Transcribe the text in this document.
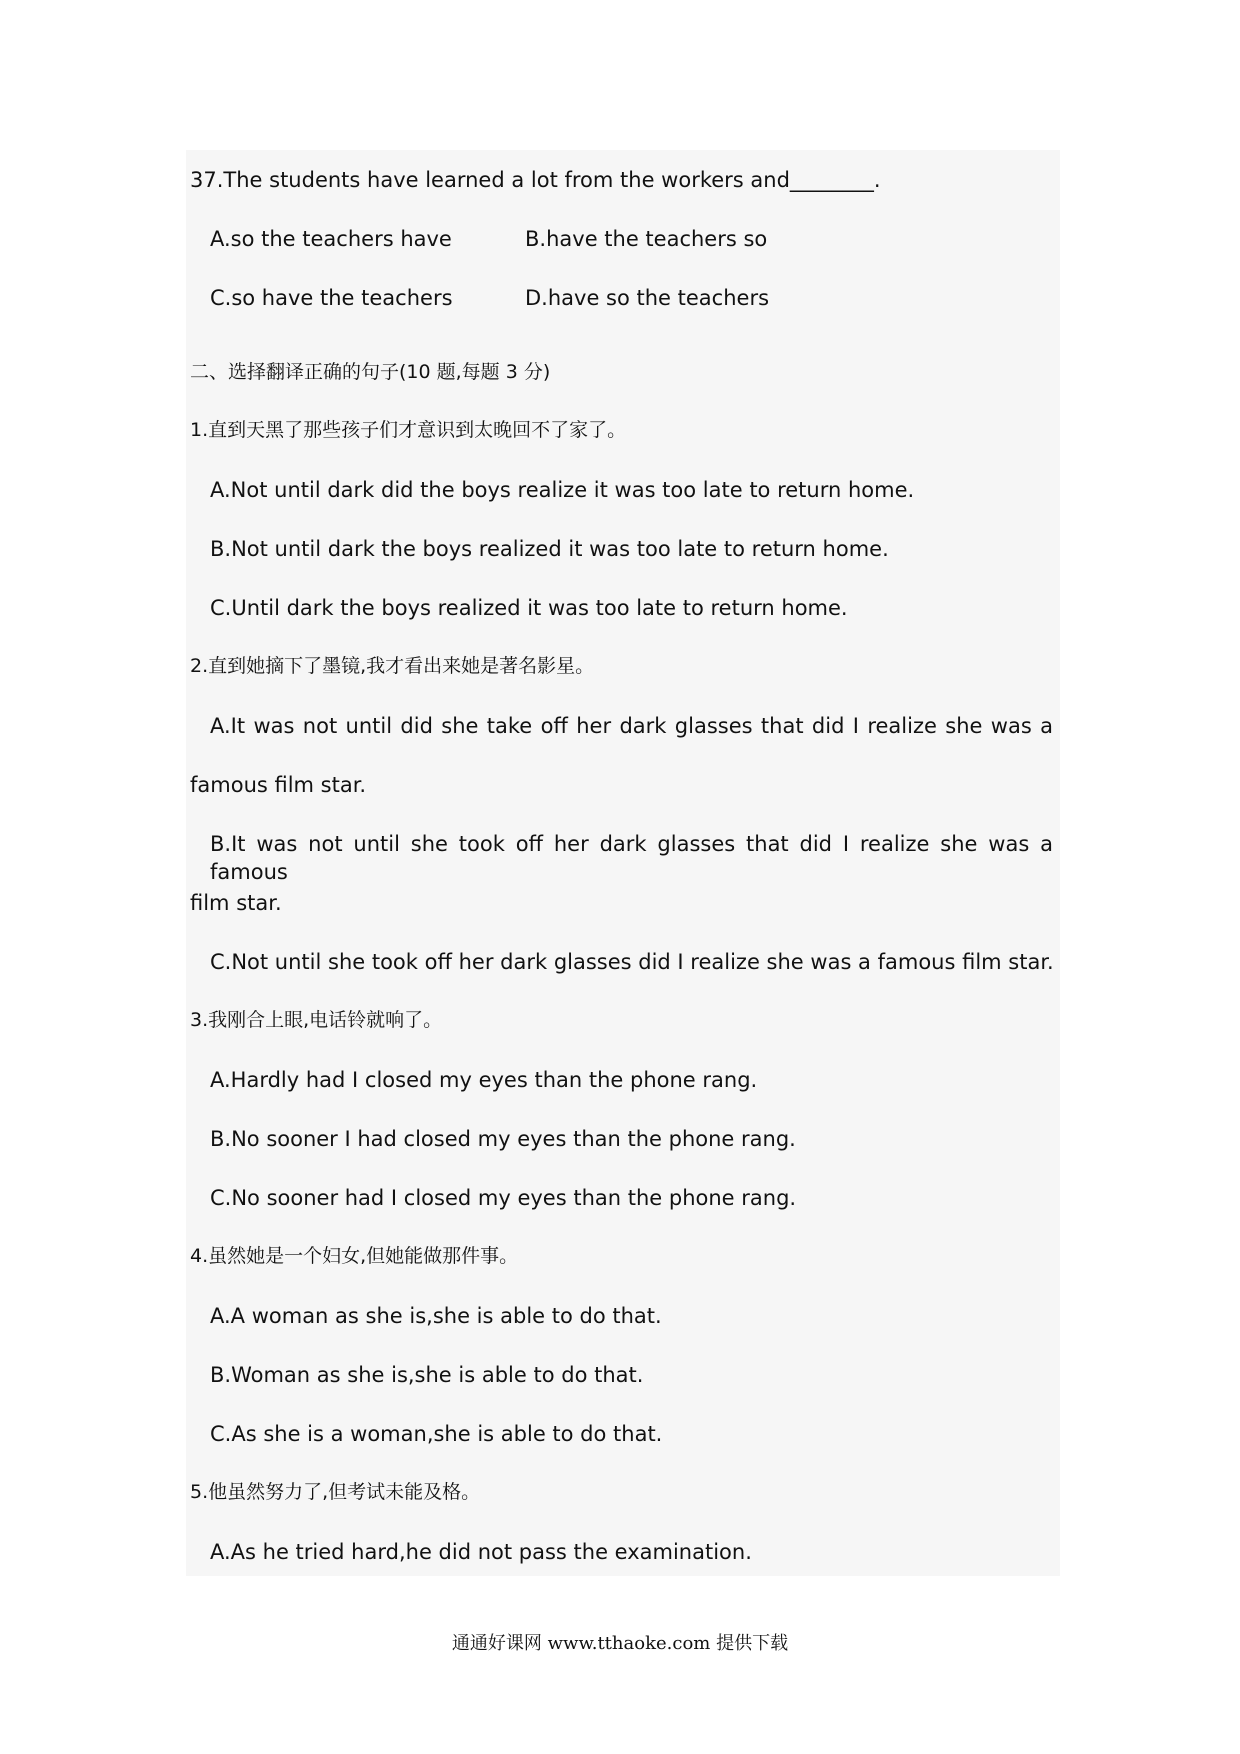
37.The students have learned a lot from the workers and________.
A.so the teachers have	B.have the teachers so
C.so have the teachers	D.have so the teachers
二、选择翻译正确的句子(10 题,每题 3 分)
1.直到天黑了那些孩子们才意识到太晚回不了家了。
A.Not until dark did the boys realize it was too late to return home.
B.Not until dark the boys realized it was too late to return home.
C.Until dark the boys realized it was too late to return home.
2.直到她摘下了墨镜,我才看出来她是著名影星。
A.It was not until did she take off her dark glasses that did I realize she was a
famous film star.
B.It was not until she took off her dark glasses that did I realize she was a famous
film star.
C.Not until she took off her dark glasses did I realize she was a famous film star.
3.我刚合上眼,电话铃就响了。
A.Hardly had I closed my eyes than the phone rang.
B.No sooner I had closed my eyes than the phone rang.
C.No sooner had I closed my eyes than the phone rang.
4.虽然她是一个妇女,但她能做那件事。
A.A woman as she is,she is able to do that.
B.Woman as she is,she is able to do that.
C.As she is a woman,she is able to do that.
5.他虽然努力了,但考试未能及格。
A.As he tried hard,he did not pass the examination.
通通好课网 www.tthaoke.com 提供下载
